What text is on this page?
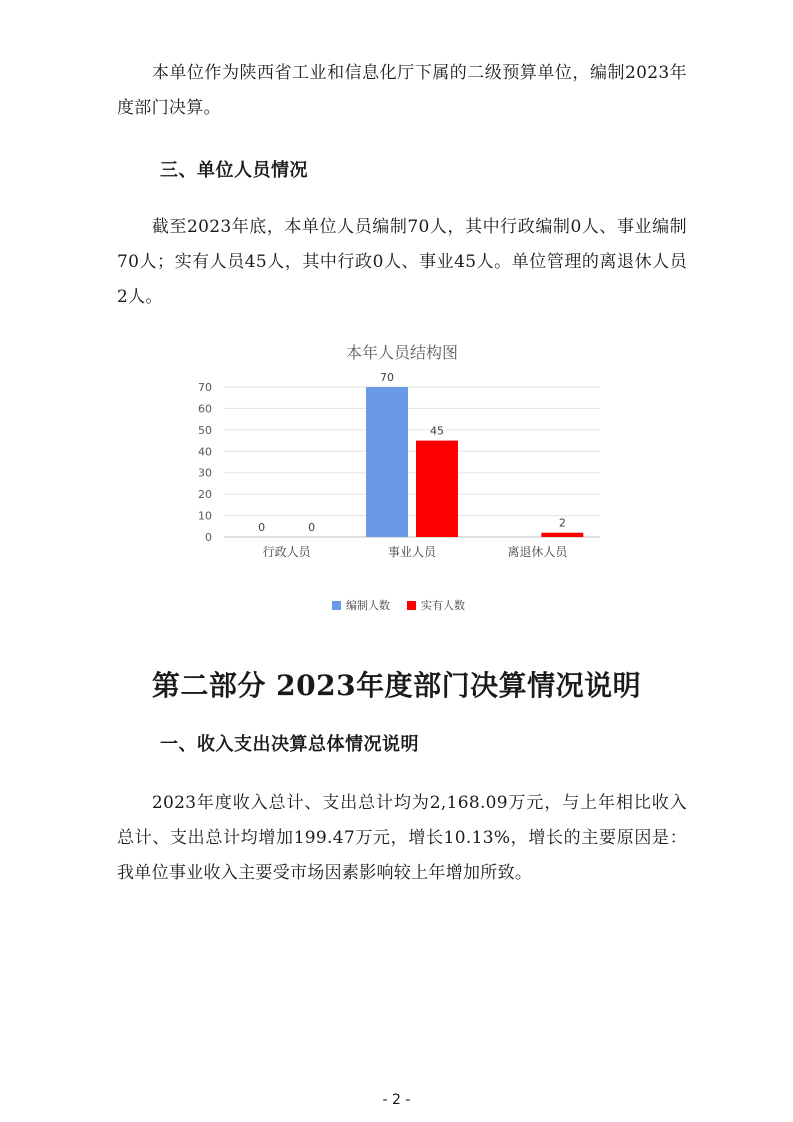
本单位作为陕西省工业和信息化厅下属的二级预算单位，编制2023年度部门决算。

三、单位人员情况

截至2023年底，本单位人员编制70人，其中行政编制0人、事业编制70人；实有人员45人，其中行政0人、事业45人。单位管理的离退休人员2人。

本年人员结构图
0
10
20
30
40
50
60
70
0	0
70
45
2
行政人员	事业人员	离退休人员
编制人数	实有人数
第二部分 2023年度部门决算情况说明
一、收入支出决算总体情况说明

2023年度收入总计、支出总计均为2,168.09万元，与上年相比收入总计、支出总计均增加199.47万元，增长10.13%，增长的主要原因是：我单位事业收入主要受市场因素影响较上年增加所致。

- 2 -
